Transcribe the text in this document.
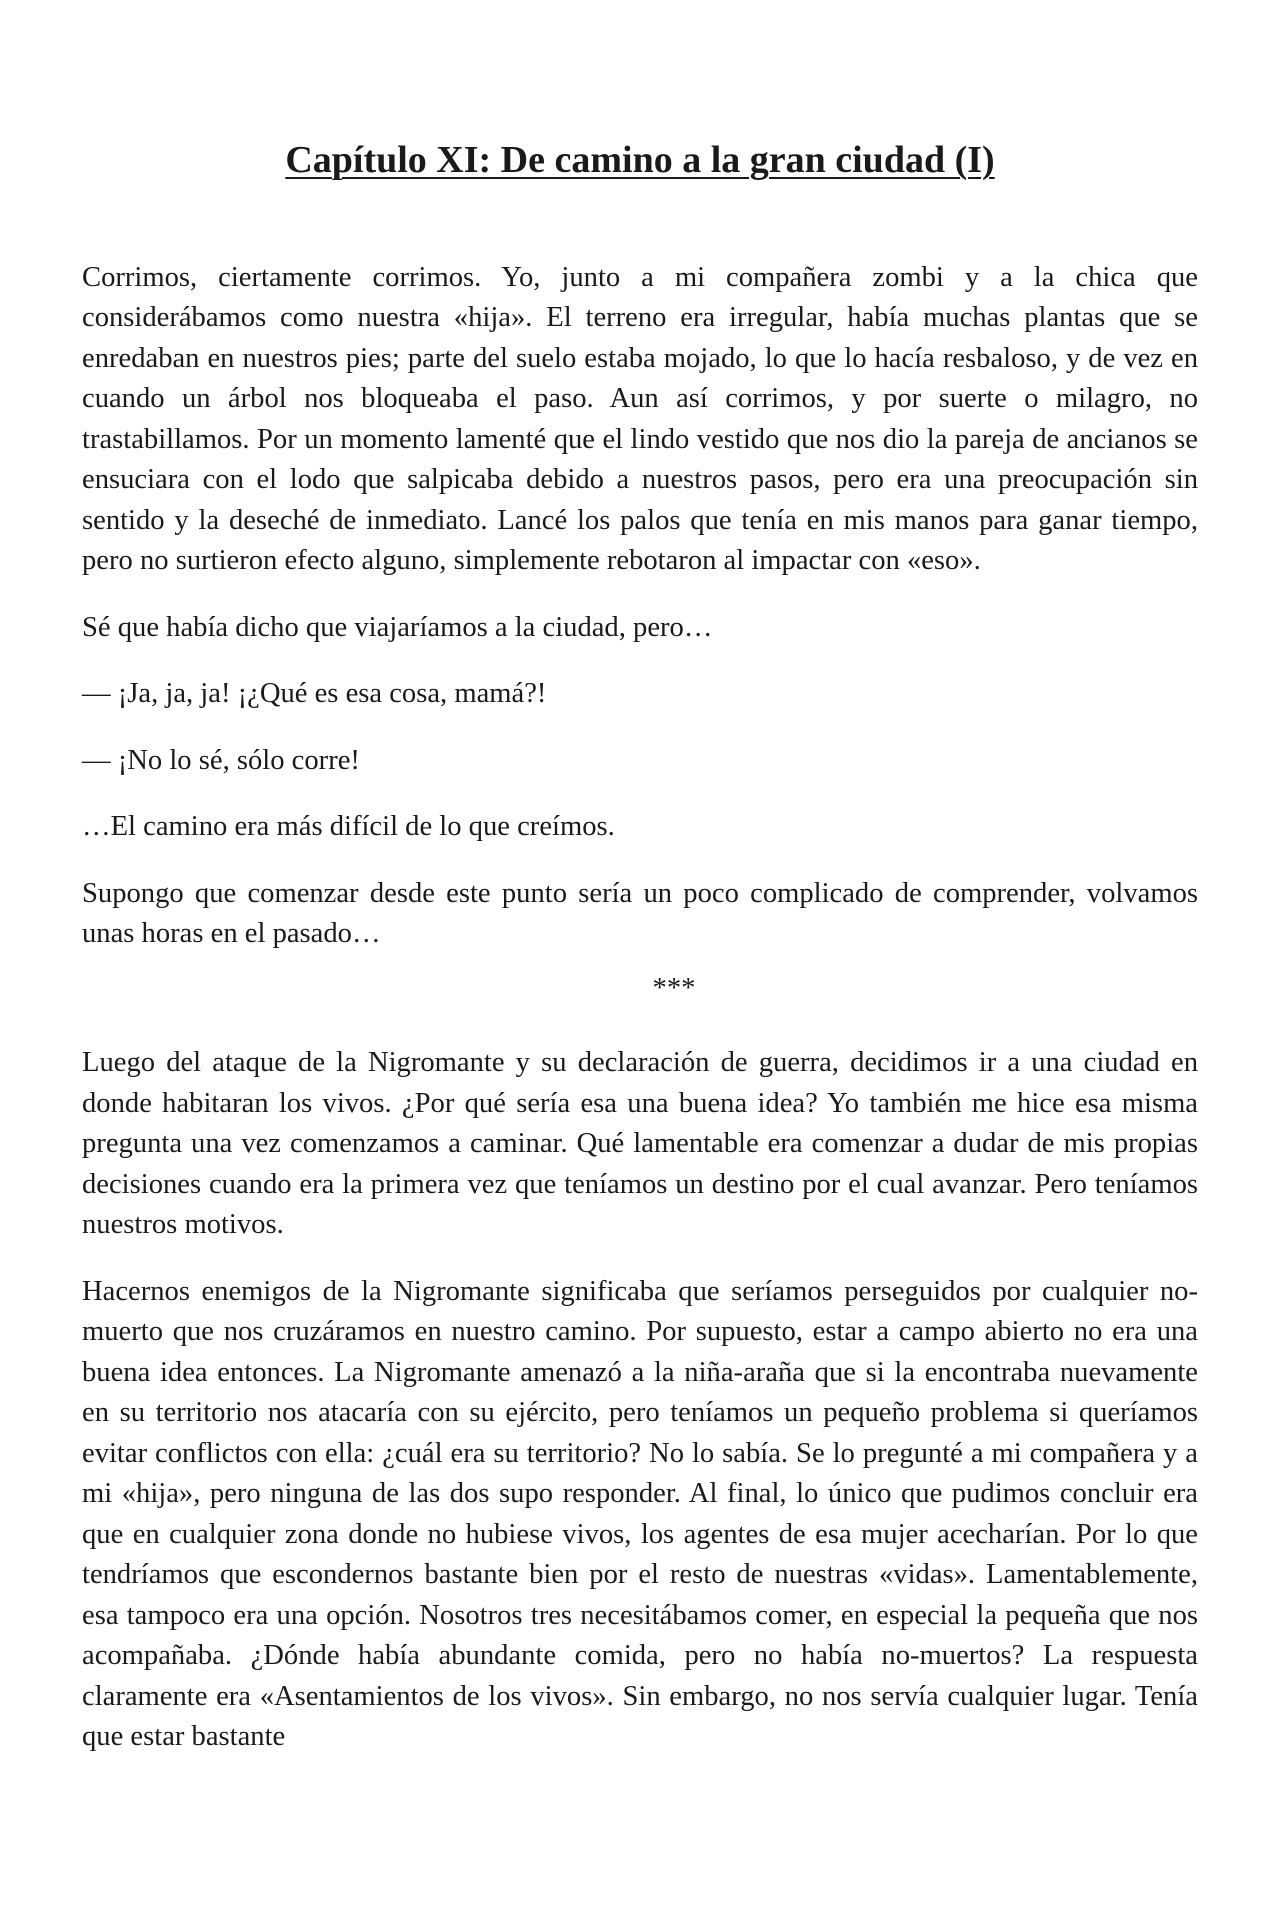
Capítulo XI: De camino a la gran ciudad (I)

Corrimos, ciertamente corrimos. Yo, junto a mi compañera zombi y a la chica que considerábamos como nuestra «hija». El terreno era irregular, había muchas plantas que se enredaban en nuestros pies; parte del suelo estaba mojado, lo que lo hacía resbaloso, y de vez en cuando un árbol nos bloqueaba el paso. Aun así corrimos, y por suerte o milagro, no trastabillamos. Por un momento lamenté que el lindo vestido que nos dio la pareja de ancianos se ensuciara con el lodo que salpicaba debido a nuestros pasos, pero era una preocupación sin sentido y la deseché de inmediato. Lancé los palos que tenía en mis manos para ganar tiempo, pero no surtieron efecto alguno, simplemente rebotaron al impactar con «eso».

Sé que había dicho que viajaríamos a la ciudad, pero…

— ¡Ja, ja, ja! ¡¿Qué es esa cosa, mamá?!

— ¡No lo sé, sólo corre!

…El camino era más difícil de lo que creímos.

Supongo que comenzar desde este punto sería un poco complicado de comprender, volvamos unas horas en el pasado…

***

Luego del ataque de la Nigromante y su declaración de guerra, decidimos ir a una ciudad en donde habitaran los vivos. ¿Por qué sería esa una buena idea? Yo también me hice esa misma pregunta una vez comenzamos a caminar. Qué lamentable era comenzar a dudar de mis propias decisiones cuando era la primera vez que teníamos un destino por el cual avanzar. Pero teníamos nuestros motivos.

Hacernos enemigos de la Nigromante significaba que seríamos perseguidos por cualquier no-muerto que nos cruzáramos en nuestro camino. Por supuesto, estar a campo abierto no era una buena idea entonces. La Nigromante amenazó a la niña-araña que si la encontraba nuevamente en su territorio nos atacaría con su ejército, pero teníamos un pequeño problema si queríamos evitar conflictos con ella: ¿cuál era su territorio? No lo sabía. Se lo pregunté a mi compañera y a mi «hija», pero ninguna de las dos supo responder. Al final, lo único que pudimos concluir era que en cualquier zona donde no hubiese vivos, los agentes de esa mujer acecharían. Por lo que tendríamos que escondernos bastante bien por el resto de nuestras «vidas». Lamentablemente, esa tampoco era una opción. Nosotros tres necesitábamos comer, en especial la pequeña que nos acompañaba. ¿Dónde había abundante comida, pero no había no-muertos? La respuesta claramente era «Asentamientos de los vivos». Sin embargo, no nos servía cualquier lugar. Tenía que estar bastante
